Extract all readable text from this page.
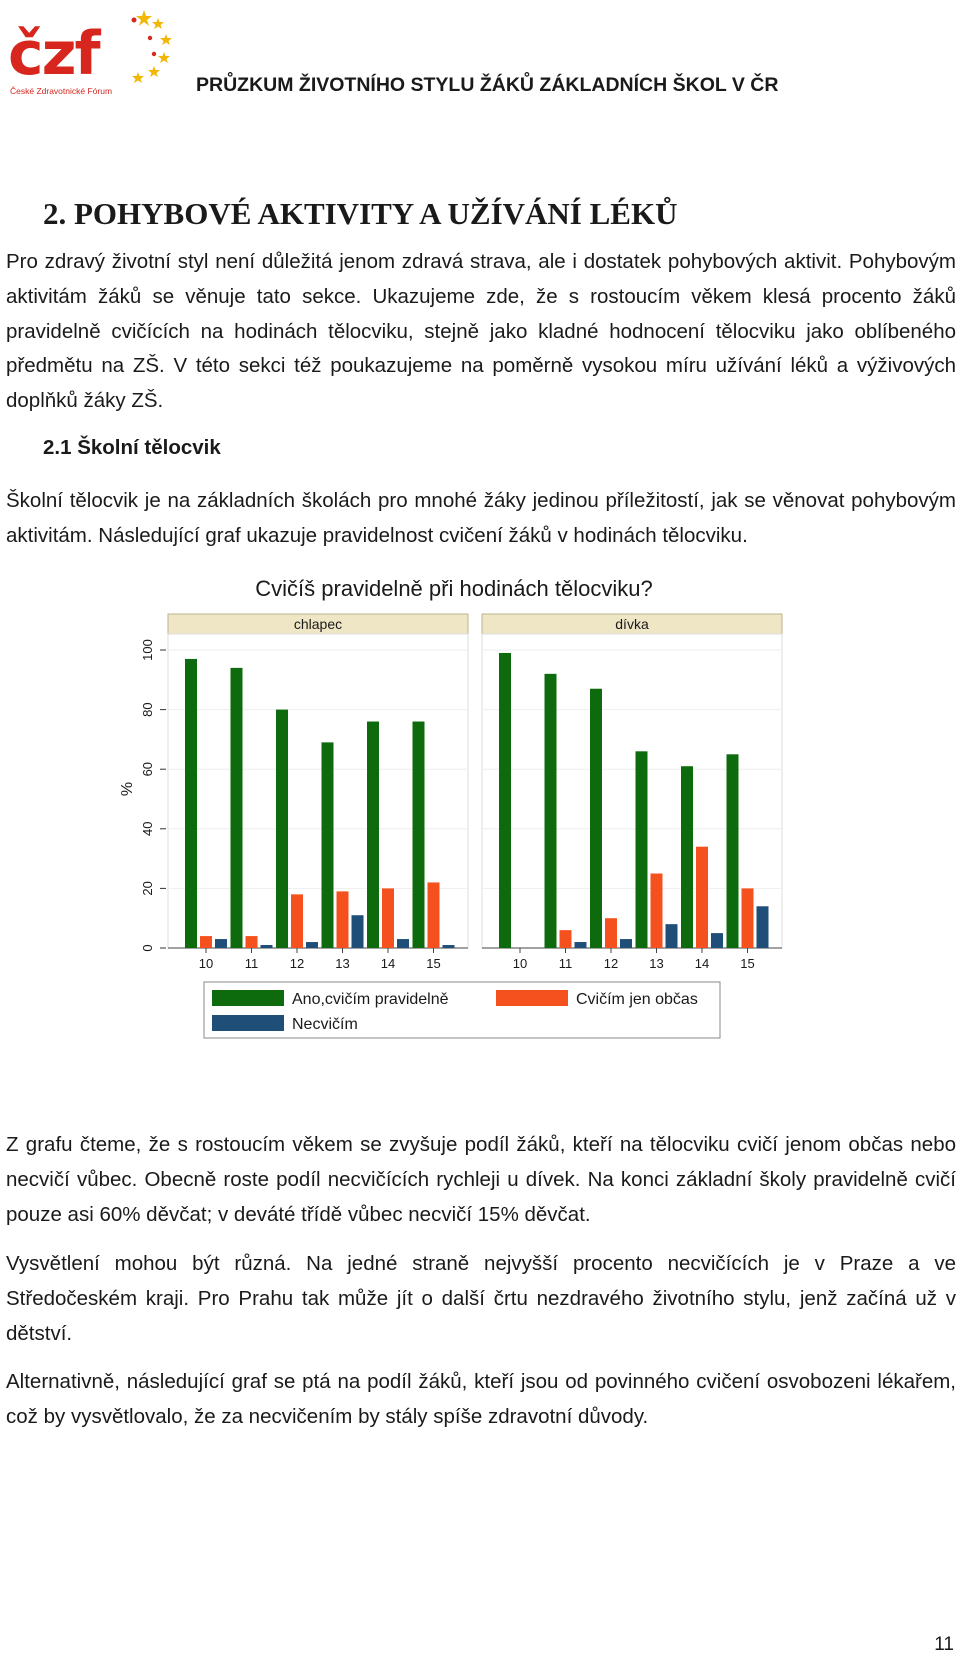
čzf
České Zdravotnické Fórum	PRŮZKUM ŽIVOTNÍHO STYLU ŽÁKŮ ZÁKLADNÍCH ŠKOL V ČR
2. POHYBOVÉ AKTIVITY A UŽÍVÁNÍ LÉKŮ

Pro zdravý životní styl není důležitá jenom zdravá strava, ale i dostatek pohybových aktivit. Pohybovým aktivitám žáků se věnuje tato sekce. Ukazujeme zde, že s rostoucím věkem klesá procento žáků pravidelně cvičících na hodinách tělocviku, stejně jako kladné hodnocení tělocviku jako oblíbeného předmětu na ZŠ. V této sekci též poukazujeme na poměrně vysokou míru užívání léků a výživových doplňků žáky ZŠ.

2.1 Školní tělocvik

Školní tělocvik je na základních školách pro mnohé žáky jedinou příležitostí, jak se věnovat pohybovým aktivitám. Následující graf ukazuje pravidelnost cvičení žáků v hodinách tělocviku.

Cvičíš pravidelně při hodinách tělocviku?
0
20
40
60
80
100
%
chlapec
10 11 12 13 14 15
dívka
10 11 12 13 14 15
Ano,cvičím pravidelně	Cvičím jen občas
Necvičím

Z grafu čteme, že s rostoucím věkem se zvyšuje podíl žáků, kteří na tělocviku cvičí jenom občas nebo necvičí vůbec. Obecně roste podíl necvičících rychleji u dívek. Na konci základní školy pravidelně cvičí pouze asi 60% děvčat; v deváté třídě vůbec necvičí 15% děvčat.

Vysvětlení mohou být různá. Na jedné straně nejvyšší procento necvičících je v Praze a ve Středočeském kraji. Pro Prahu tak může jít o další črtu nezdravého životního stylu, jenž začíná už v dětství.

Alternativně, následující graf se ptá na podíl žáků, kteří jsou od povinného cvičení osvobozeni lékařem, což by vysvětlovalo, že za necvičením by stály spíše zdravotní důvody.

11
